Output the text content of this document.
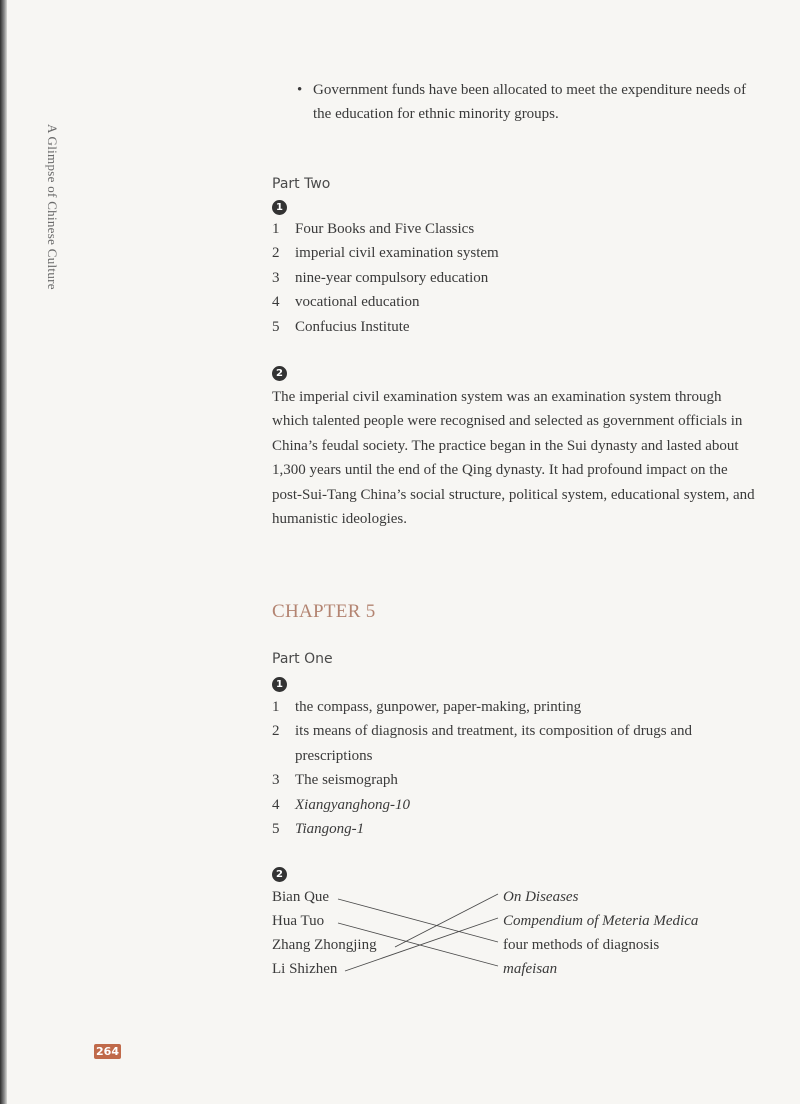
A Glimpse of Chinese Culture
• Government funds have been allocated to meet the expenditure needs of the education for ethnic minority groups.
Part Two
1
1 Four Books and Five Classics
2 imperial civil examination system
3 nine-year compulsory education
4 vocational education
5 Confucius Institute
2
The imperial civil examination system was an examination system through which talented people were recognised and selected as government officials in China’s feudal society. The practice began in the Sui dynasty and lasted about 1,300 years until the end of the Qing dynasty. It had profound impact on the post-Sui-Tang China’s social structure, political system, educational system, and humanistic ideologies.
CHAPTER 5
Part One
1
1 the compass, gunpower, paper-making, printing
2 its means of diagnosis and treatment, its composition of drugs and prescriptions
3 The seismograph
4 Xiangyanghong-10
5 Tiangong-1
2
Bian Que
Hua Tuo
Zhang Zhongjing
Li Shizhen
On Diseases
Compendium of Meteria Medica
four methods of diagnosis
mafeisan
264
